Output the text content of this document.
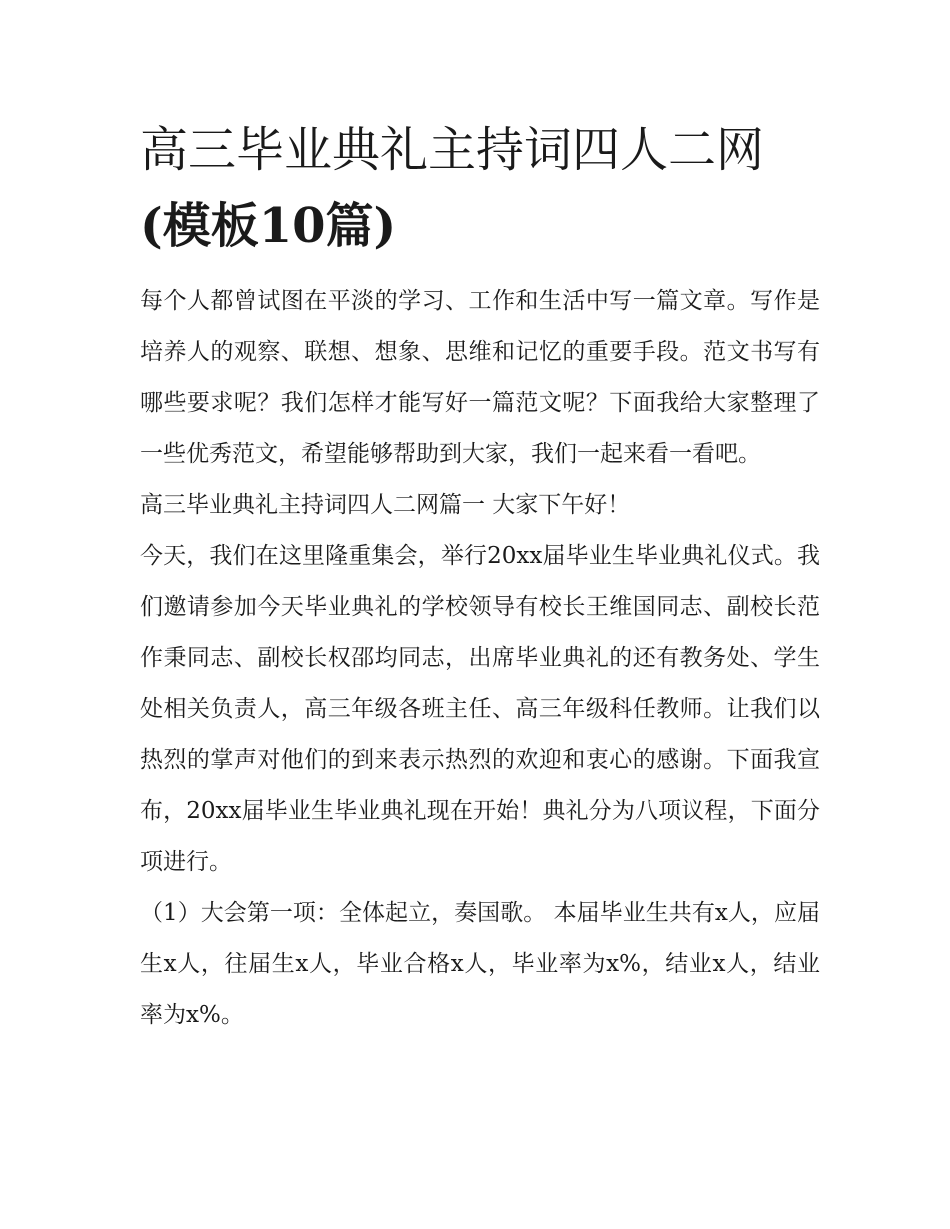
高三毕业典礼主持词四人二网
(模板10篇)

每个人都曾试图在平淡的学习、工作和生活中写一篇文章。写作是培养人的观察、联想、想象、思维和记忆的重要手段。范文书写有哪些要求呢？我们怎样才能写好一篇范文呢？下面我给大家整理了一些优秀范文，希望能够帮助到大家，我们一起来看一看吧。

高三毕业典礼主持词四人二网篇一 大家下午好！

今天，我们在这里隆重集会，举行20xx届毕业生毕业典礼仪式。我们邀请参加今天毕业典礼的学校领导有校长王维国同志、副校长范作秉同志、副校长权邵均同志，出席毕业典礼的还有教务处、学生处相关负责人，高三年级各班主任、高三年级科任教师。让我们以热烈的掌声对他们的到来表示热烈的欢迎和衷心的感谢。下面我宣布，20xx届毕业生毕业典礼现在开始！典礼分为八项议程，下面分项进行。

（1）大会第一项：全体起立，奏国歌。 本届毕业生共有x人，应届生x人，往届生x人，毕业合格x人，毕业率为x%，结业x人，结业率为x%。
